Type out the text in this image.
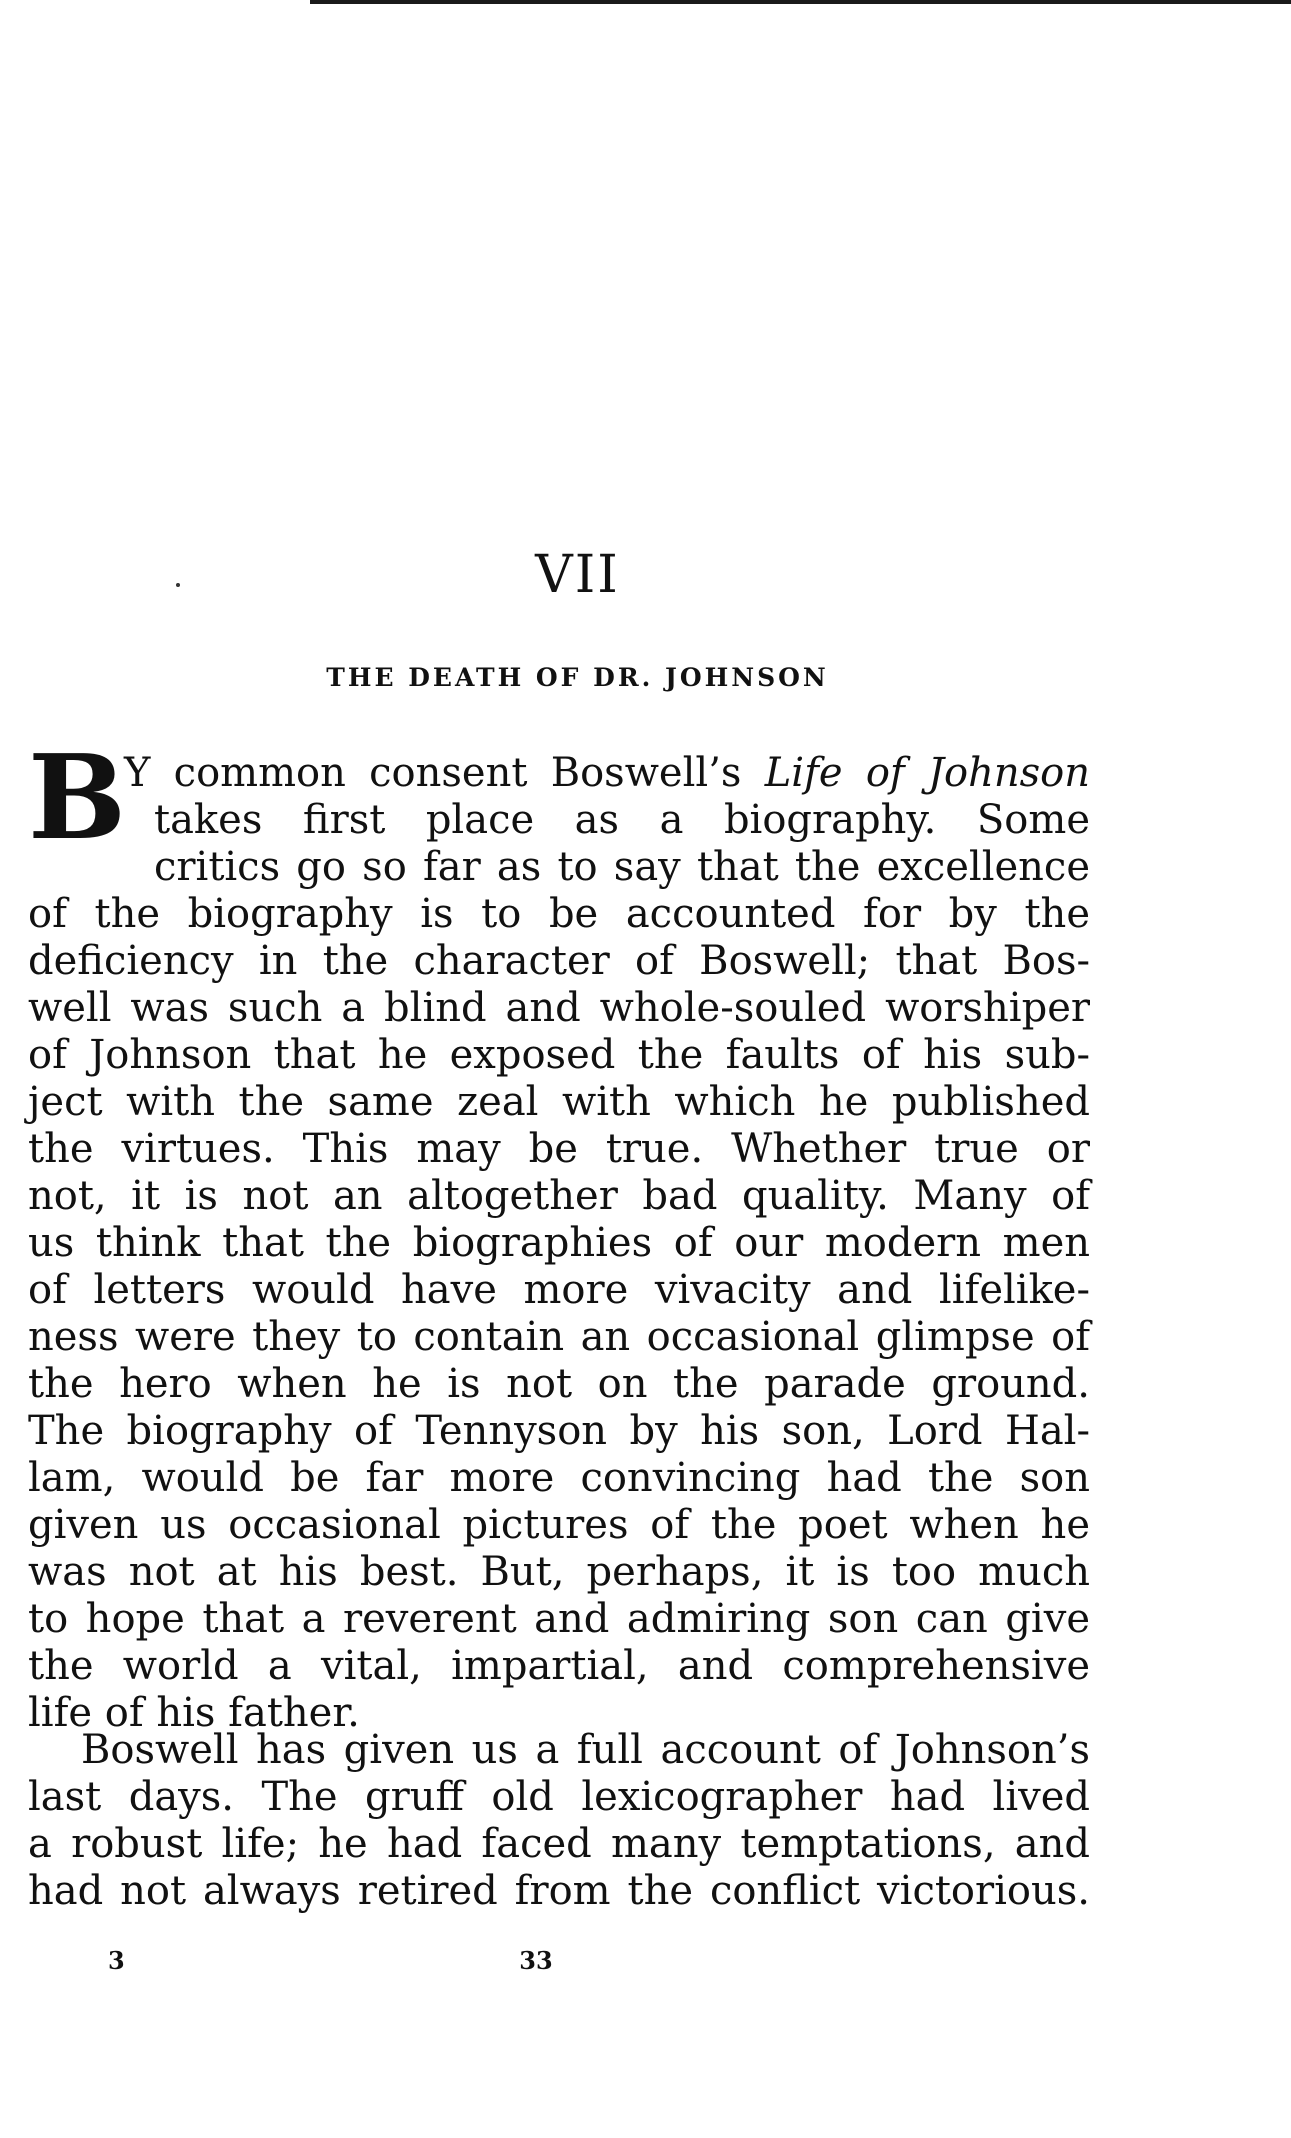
VII
THE DEATH OF DR. JOHNSON
B
Y common consent Boswell’s Life of Johnson
takes first place as a biography. Some
critics go so far as to say that the excellence
of the biography is to be accounted for by the
deficiency in the character of Boswell; that Bos-
well was such a blind and whole-souled worshiper
of Johnson that he exposed the faults of his sub-
ject with the same zeal with which he published
the virtues. This may be true. Whether true or
not, it is not an altogether bad quality. Many of
us think that the biographies of our modern men
of letters would have more vivacity and lifelike-
ness were they to contain an occasional glimpse of
the hero when he is not on the parade ground.
The biography of Tennyson by his son, Lord Hal-
lam, would be far more convincing had the son
given us occasional pictures of the poet when he
was not at his best. But, perhaps, it is too much
to hope that a reverent and admiring son can give
the world a vital, impartial, and comprehensive
life of his father.
Boswell has given us a full account of Johnson’s
last days. The gruff old lexicographer had lived
a robust life; he had faced many temptations, and
had not always retired from the conflict victorious.
3	33
